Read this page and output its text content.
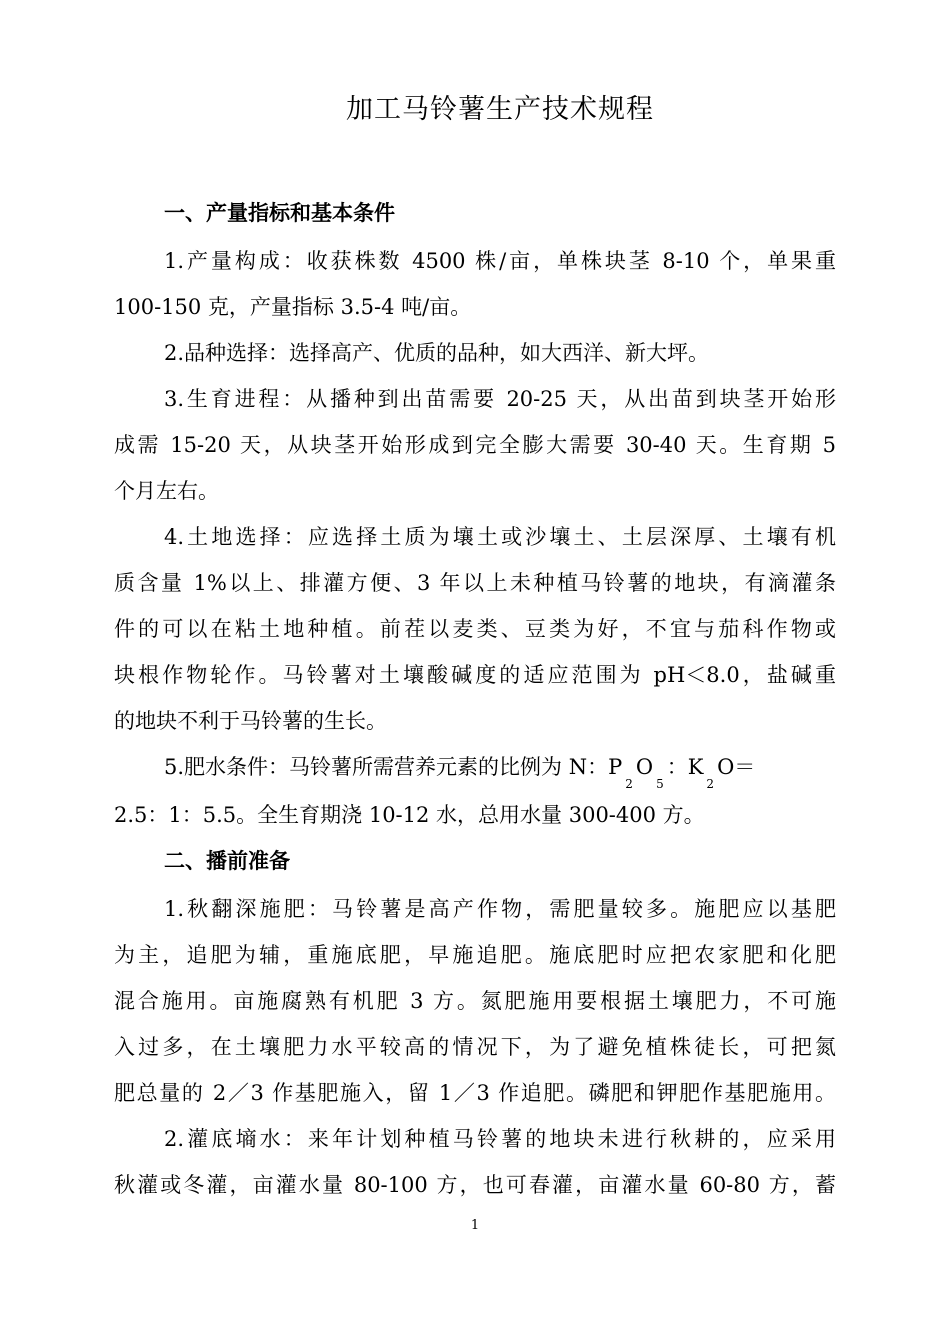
加工马铃薯生产技术规程
一、产量指标和基本条件
1.产量构成：收获株数 4500 株/亩，单株块茎 8-10 个，单果重
100-150 克，产量指标 3.5-4 吨/亩。
2.品种选择：选择高产、优质的品种，如大西洋、新大坪。
3.生育进程：从播种到出苗需要 20-25 天，从出苗到块茎开始形
成需 15-20 天，从块茎开始形成到完全膨大需要 30-40 天。生育期 5
个月左右。
4.土地选择：应选择土质为壤土或沙壤土、土层深厚、土壤有机
质含量 1%以上、排灌方便、3 年以上未种植马铃薯的地块，有滴灌条
件的可以在粘土地种植。前茬以麦类、豆类为好，不宜与茄科作物或
块根作物轮作。马铃薯对土壤酸碱度的适应范围为 pH＜8.0，盐碱重
的地块不利于马铃薯的生长。
5.肥水条件：马铃薯所需营养元素的比例为 N：$P_2O_5$：$K_2O=$
2.5：1：5.5。全生育期浇 10-12 水，总用水量 300-400 方。
二、播前准备
1.秋翻深施肥：马铃薯是高产作物，需肥量较多。施肥应以基肥
为主，追肥为辅，重施底肥，早施追肥。施底肥时应把农家肥和化肥
混合施用。亩施腐熟有机肥 3 方。氮肥施用要根据土壤肥力，不可施
入过多，在土壤肥力水平较高的情况下，为了避免植株徒长，可把氮
肥总量的 2／3 作基肥施入，留 1／3 作追肥。磷肥和钾肥作基肥施用。
2.灌底墒水：来年计划种植马铃薯的地块未进行秋耕的，应采用
秋灌或冬灌，亩灌水量 80-100 方，也可春灌，亩灌水量 60-80 方，蓄
1
